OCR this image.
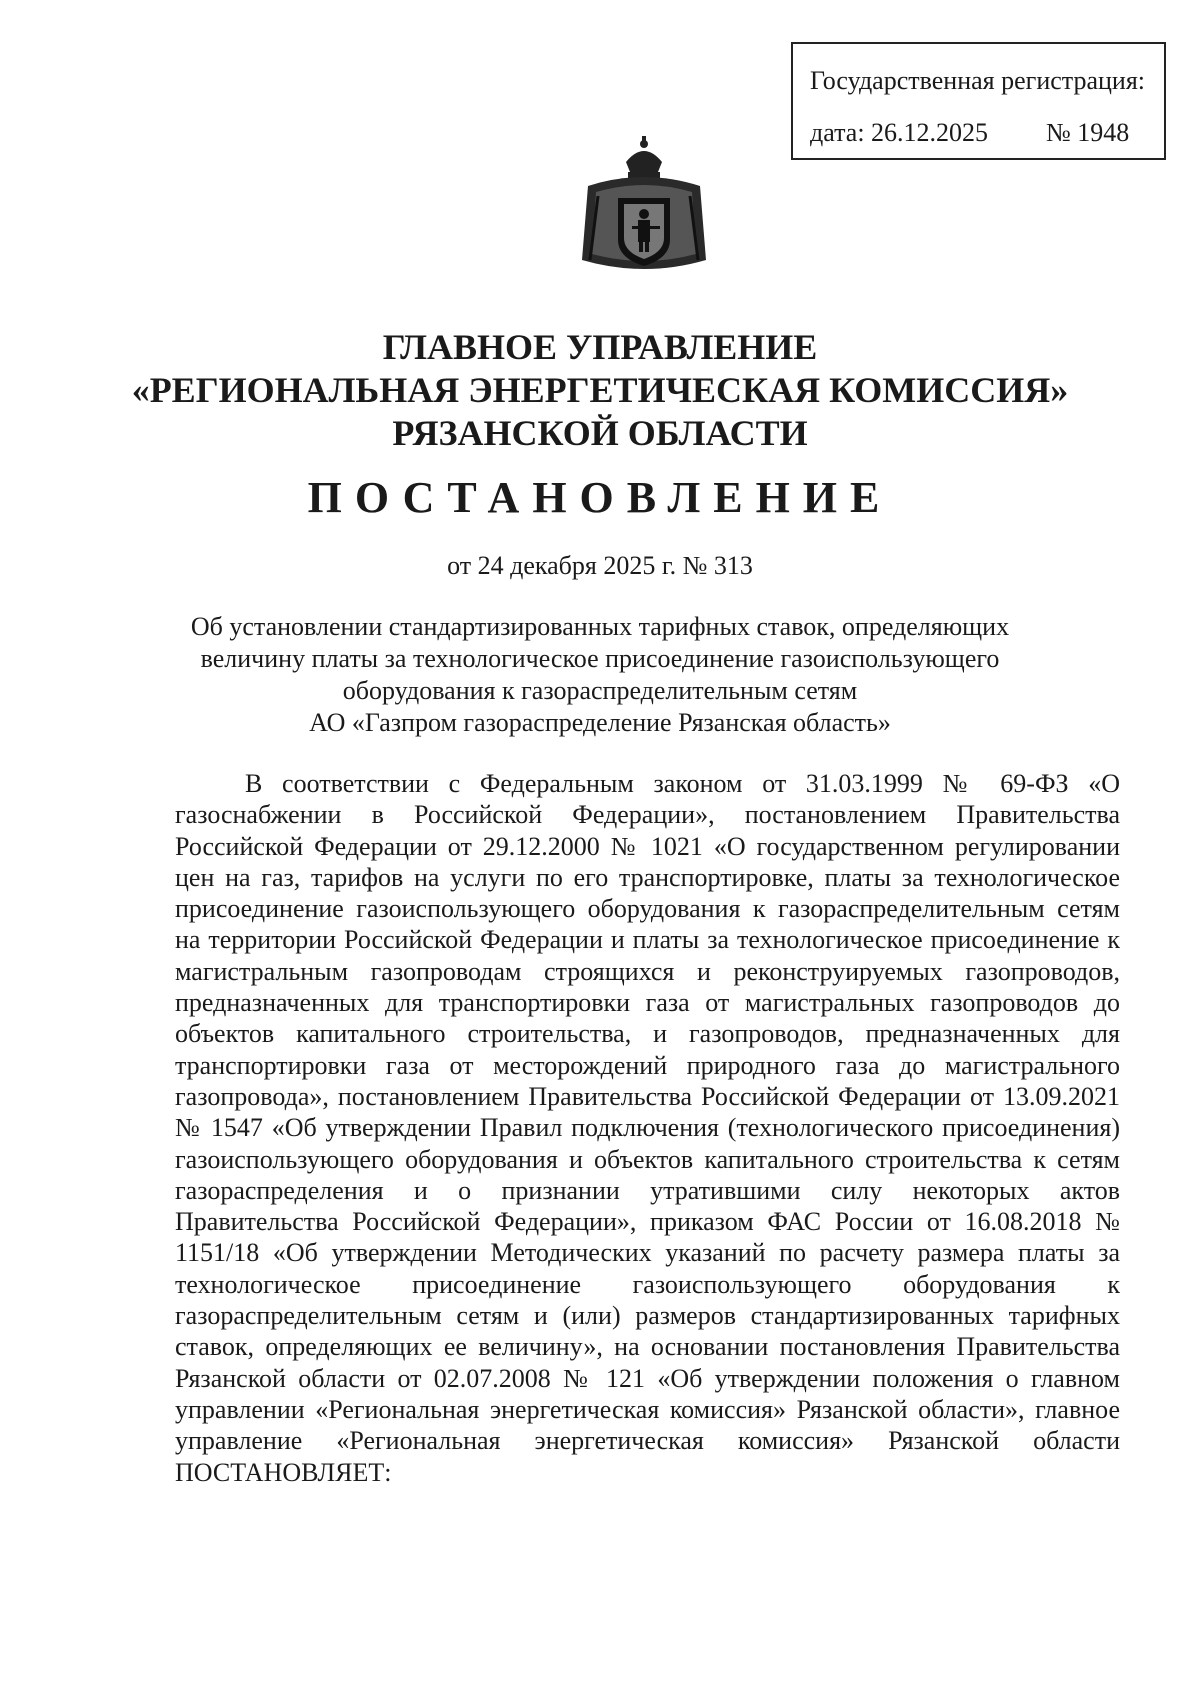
Государственная регистрация:
дата: 26.12.2025 № 1948
ГЛАВНОЕ УПРАВЛЕНИЕ
«РЕГИОНАЛЬНАЯ ЭНЕРГЕТИЧЕСКАЯ КОМИССИЯ»
РЯЗАНСКОЙ ОБЛАСТИ
ПОСТАНОВЛЕНИЕ
от 24 декабря 2025 г. № 313
Об установлении стандартизированных тарифных ставок, определяющих
величину платы за технологическое присоединение газоиспользующего
оборудования к газораспределительным сетям
АО «Газпром газораспределение Рязанская область»

В соответствии с Федеральным законом от 31.03.1999 № 69-ФЗ «О газоснабжении в Российской Федерации», постановлением Правительства Российской Федерации от 29.12.2000 № 1021 «О государственном регулировании цен на газ, тарифов на услуги по его транспортировке, платы за технологическое присоединение газоиспользующего оборудования к газораспределительным сетям на территории Российской Федерации и платы за технологическое присоединение к магистральным газопроводам строящихся и реконструируемых газопроводов, предназначенных для транспортировки газа от магистральных газопроводов до объектов капитального строительства, и газопроводов, предназначенных для транспортировки газа от месторождений природного газа до магистрального газопровода», постановлением Правительства Российской Федерации от 13.09.2021 № 1547 «Об утверждении Правил подключения (технологического присоединения) газоиспользующего оборудования и объектов капитального строительства к сетям газораспределения и о признании утратившими силу некоторых актов Правительства Российской Федерации», приказом ФАС России от 16.08.2018 № 1151/18 «Об утверждении Методических указаний по расчету размера платы за технологическое присоединение газоиспользующего оборудования к газораспределительным сетям и (или) размеров стандартизированных тарифных ставок, определяющих ее величину», на основании постановления Правительства Рязанской области от 02.07.2008 № 121 «Об утверждении положения о главном управлении «Региональная энергетическая комиссия» Рязанской области», главное управление «Региональная энергетическая комиссия» Рязанской области ПОСТАНОВЛЯЕТ:
